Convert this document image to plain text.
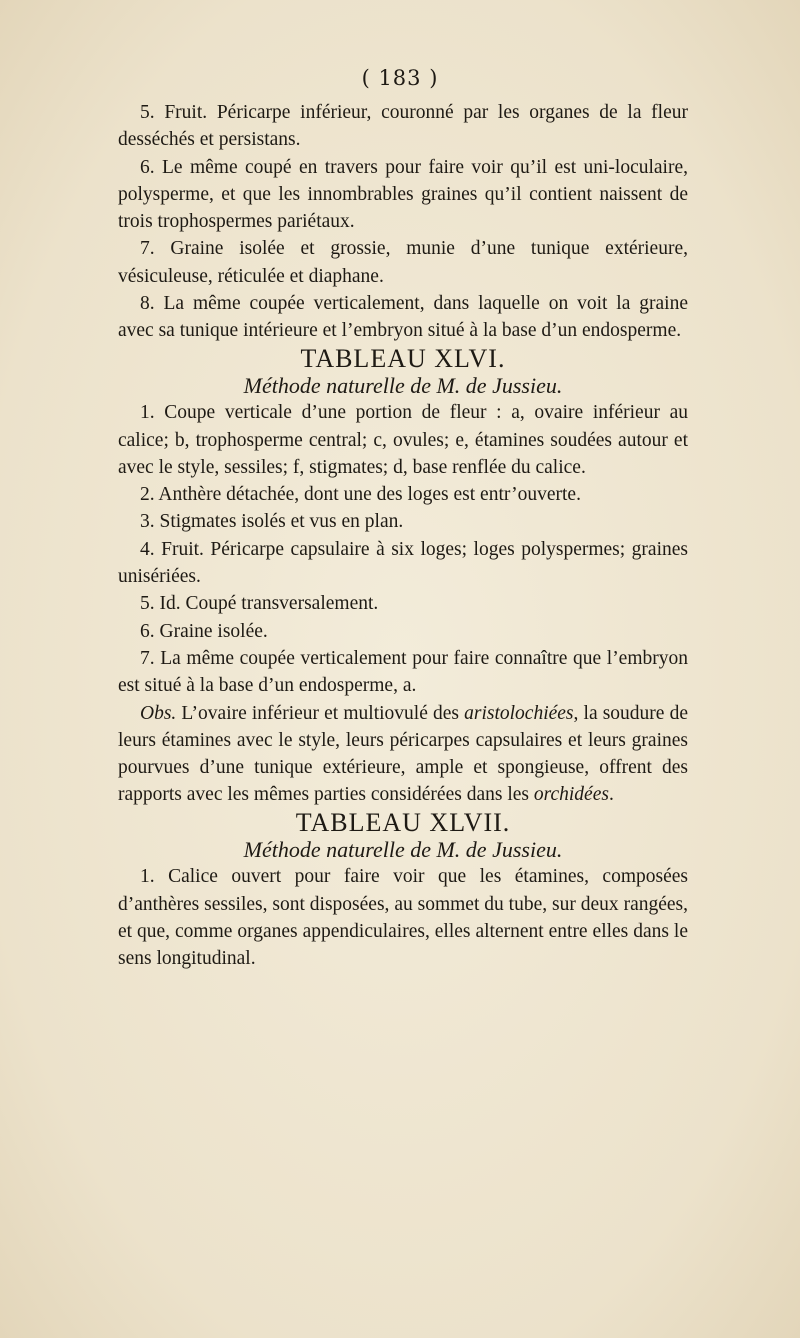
( 183 )

5. Fruit. Péricarpe inférieur, couronné par les organes de la fleur desséchés et persistans.

6. Le même coupé en travers pour faire voir qu’il est uni-loculaire, polysperme, et que les innombrables graines qu’il contient naissent de trois trophospermes pariétaux.

7. Graine isolée et grossie, munie d’une tunique extérieure, vésiculeuse, réticulée et diaphane.

8. La même coupée verticalement, dans laquelle on voit la graine avec sa tunique intérieure et l’embryon situé à la base d’un endosperme.

TABLEAU XLVI.

Méthode naturelle de M. de Jussieu.

1. Coupe verticale d’une portion de fleur : a, ovaire inférieur au calice; b, trophosperme central; c, ovules; e, étamines soudées autour et avec le style, sessiles; f, stigmates; d, base renflée du calice.

2. Anthère détachée, dont une des loges est entr’ouverte.

3. Stigmates isolés et vus en plan.

4. Fruit. Péricarpe capsulaire à six loges; loges polyspermes; graines unisériées.

5. Id. Coupé transversalement.

6. Graine isolée.

7. La même coupée verticalement pour faire connaître que l’embryon est situé à la base d’un endosperme, a.

Obs. L’ovaire inférieur et multiovulé des aristolochiées, la soudure de leurs étamines avec le style, leurs péricarpes capsulaires et leurs graines pourvues d’une tunique extérieure, ample et spongieuse, offrent des rapports avec les mêmes parties considérées dans les orchidées.

TABLEAU XLVII.

Méthode naturelle de M. de Jussieu.

1. Calice ouvert pour faire voir que les étamines, composées d’anthères sessiles, sont disposées, au sommet du tube, sur deux rangées, et que, comme organes appendiculaires, elles alternent entre elles dans le sens longitudinal.
